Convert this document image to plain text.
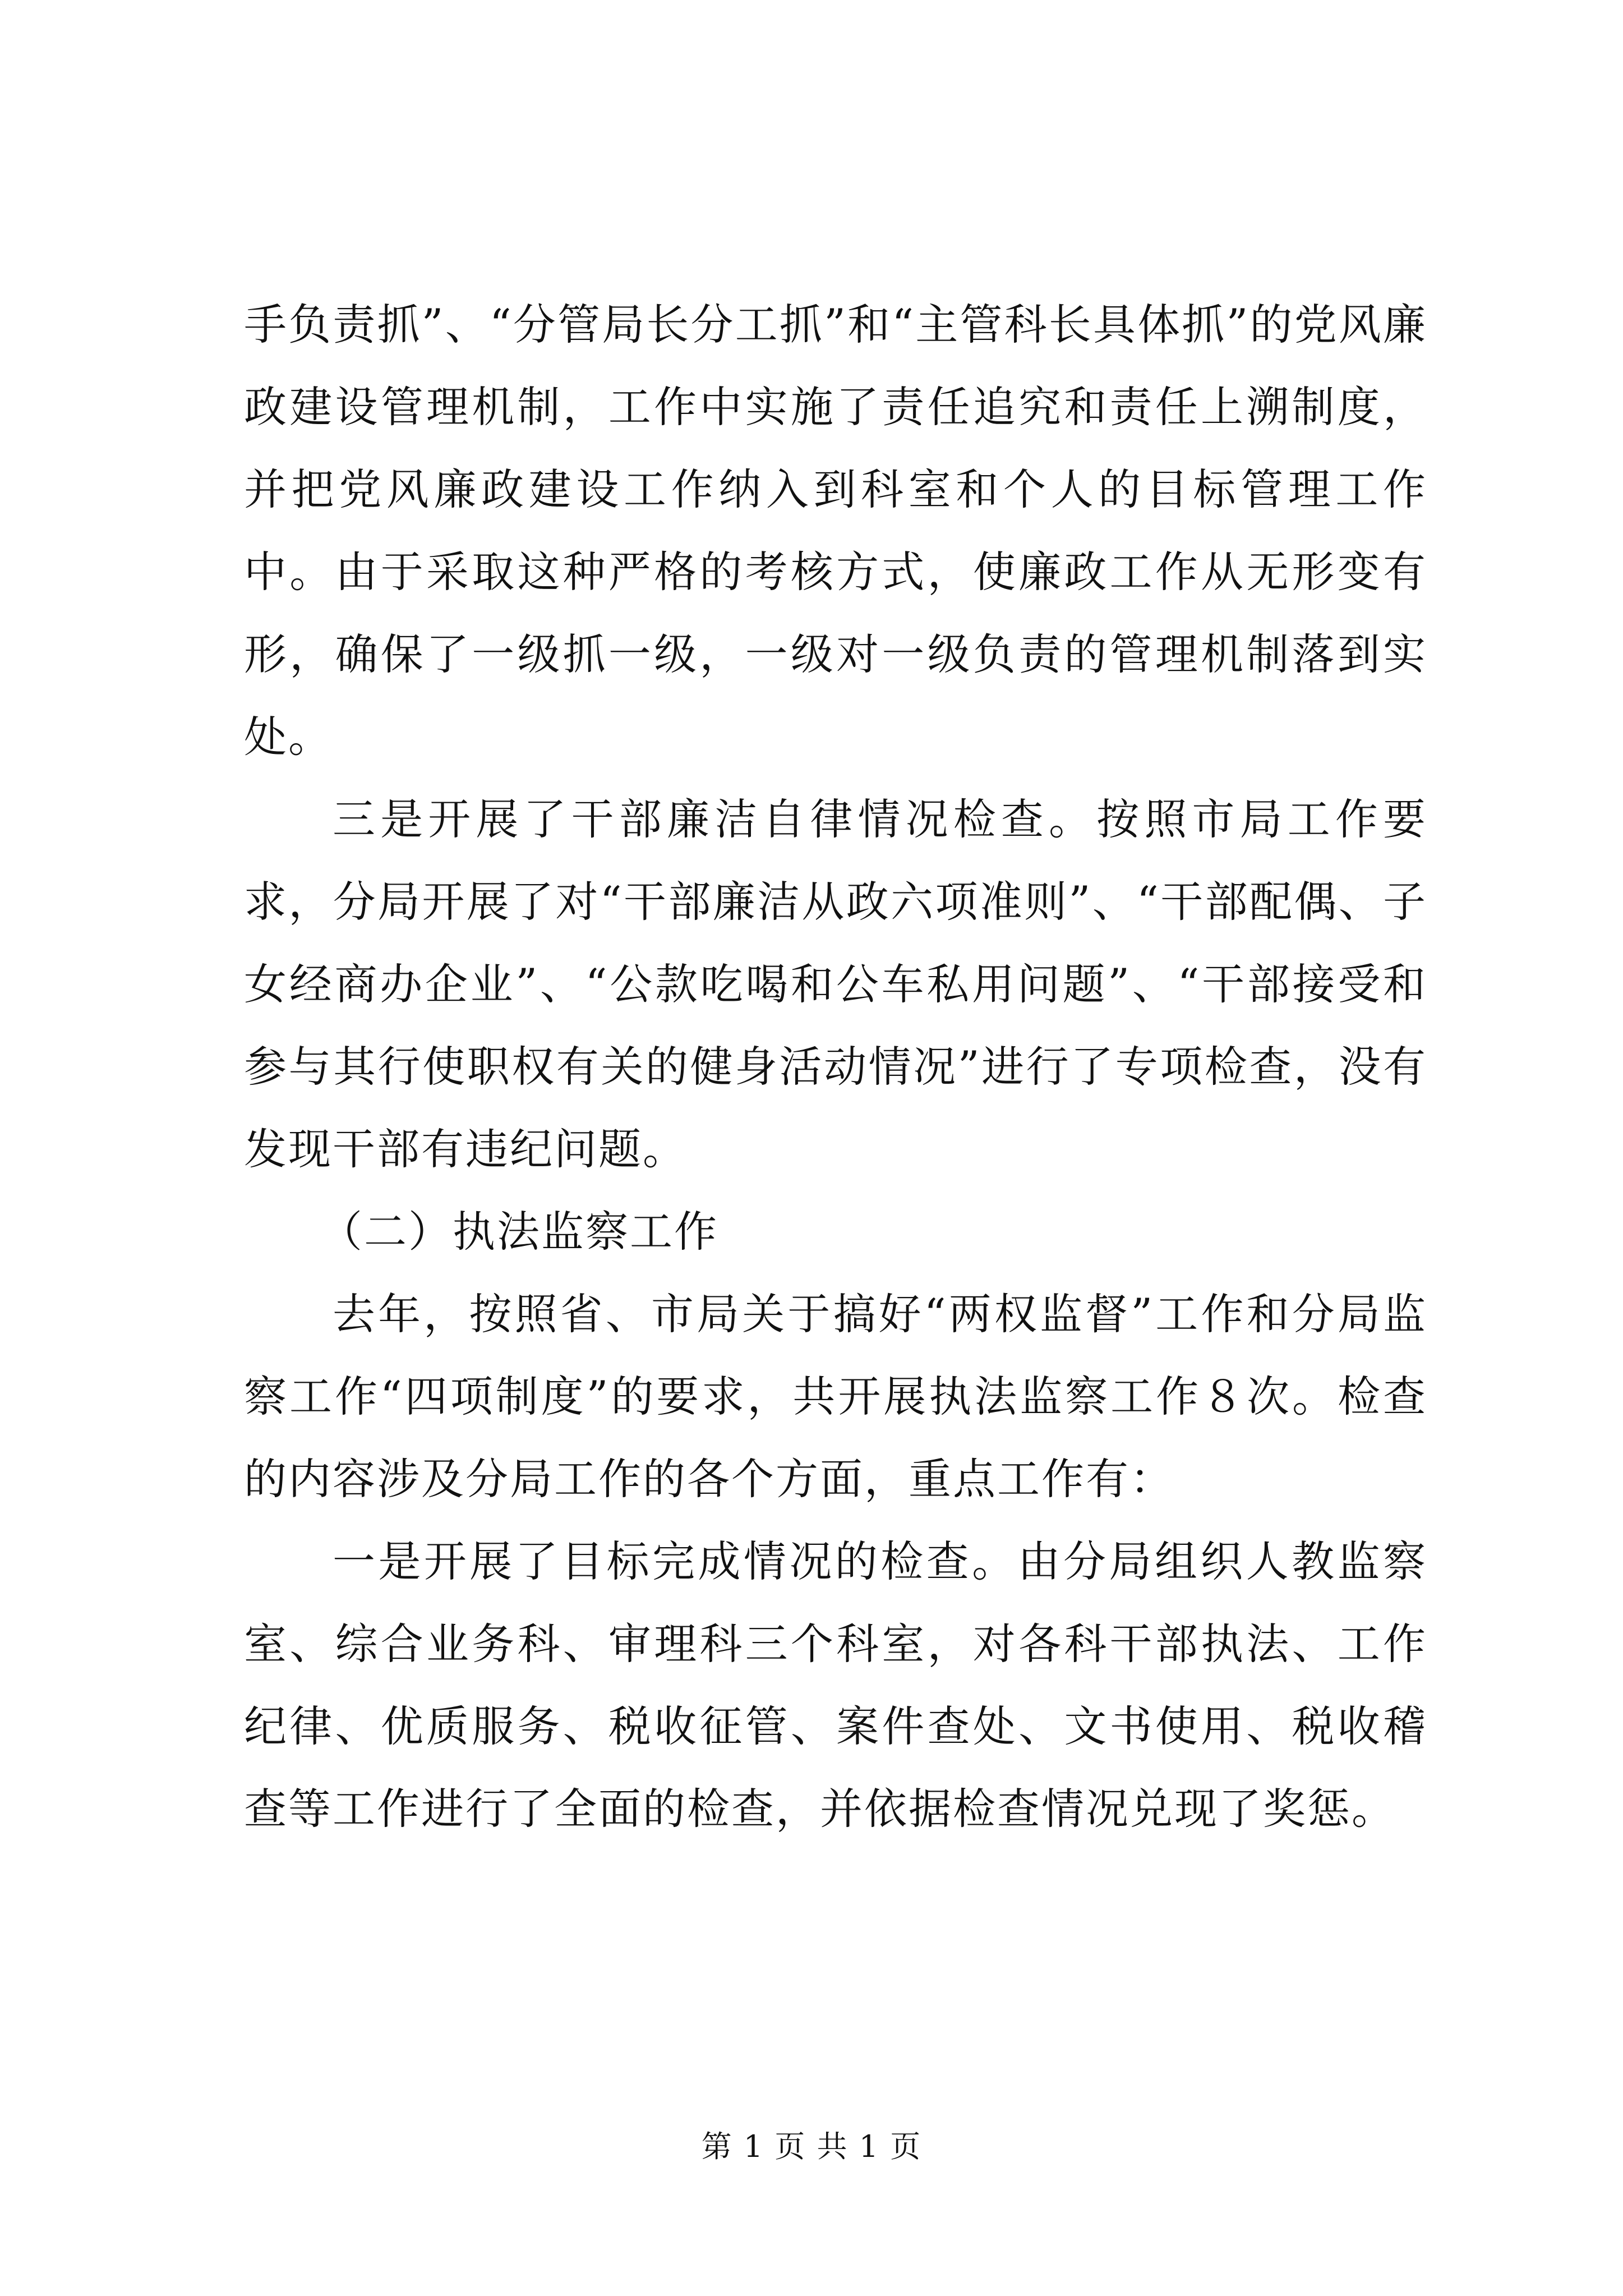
手负责抓”、“分管局长分工抓”和“主管科长具体抓”的党风廉政建设管理机制，工作中实施了责任追究和责任上溯制度，并把党风廉政建设工作纳入到科室和个人的目标管理工作中。由于采取这种严格的考核方式，使廉政工作从无形变有形，确保了一级抓一级，一级对一级负责的管理机制落到实处。

三是开展了干部廉洁自律情况检查。按照市局工作要求，分局开展了对“干部廉洁从政六项准则”、“干部配偶、子女经商办企业”、“公款吃喝和公车私用问题”、“干部接受和参与其行使职权有关的健身活动情况”进行了专项检查，没有发现干部有违纪问题。

（二）执法监察工作

去年，按照省、市局关于搞好“两权监督”工作和分局监察工作“四项制度”的要求，共开展执法监察工作８次。检查的内容涉及分局工作的各个方面，重点工作有：

一是开展了目标完成情况的检查。由分局组织人教监察室、综合业务科、审理科三个科室，对各科干部执法、工作纪律、优质服务、税收征管、案件查处、文书使用、税收稽查等工作进行了全面的检查，并依据检查情况兑现了奖惩。

第 1 页 共 1 页
